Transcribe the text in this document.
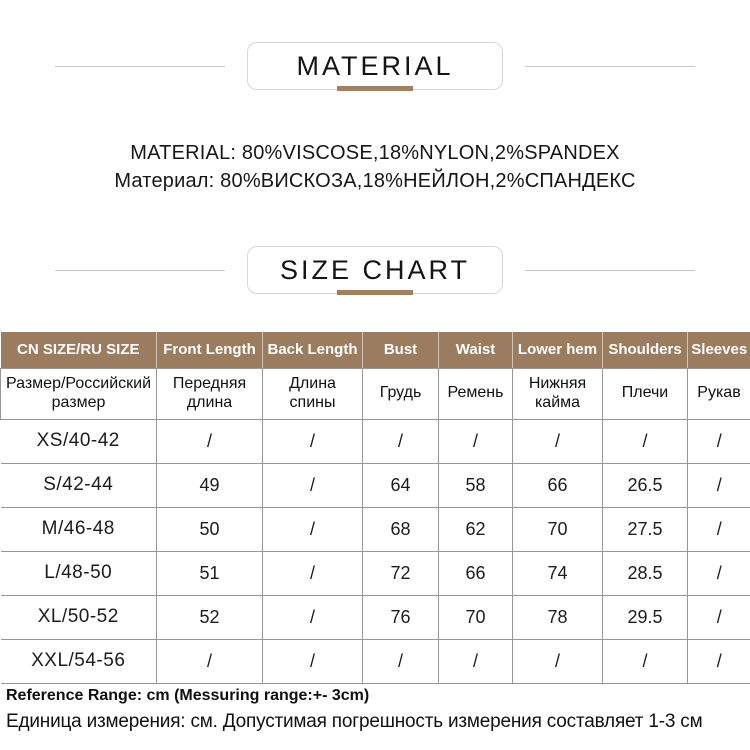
MATERIAL

MATERIAL: 80%VISCOSE,18%NYLON,2%SPANDEX

Материал: 80%ВИСКОЗА,18%НЕЙЛОН,2%СПАНДЕКС

SIZE CHART
CN SIZE/RU SIZE	Front Length	Back Length	Bust	Waist	Lower hem	Shoulders	Sleeves
Размер/Российский размер	Передняя длина	Длина спины	Грудь	Ремень	Нижняя кайма	Плечи	Рукав
XS/40-42	/	/	/	/	/	/	/
S/42-44	49	/	64	58	66	26.5	/
M/46-48	50	/	68	62	70	27.5	/
L/48-50	51	/	72	66	74	28.5	/
XL/50-52	52	/	76	70	78	29.5	/
XXL/54-56	/	/	/	/	/	/	/

Reference Range: cm (Messuring range:+- 3cm)

Единица измерения: см. Допустимая погрешность измерения составляет 1-3 см
